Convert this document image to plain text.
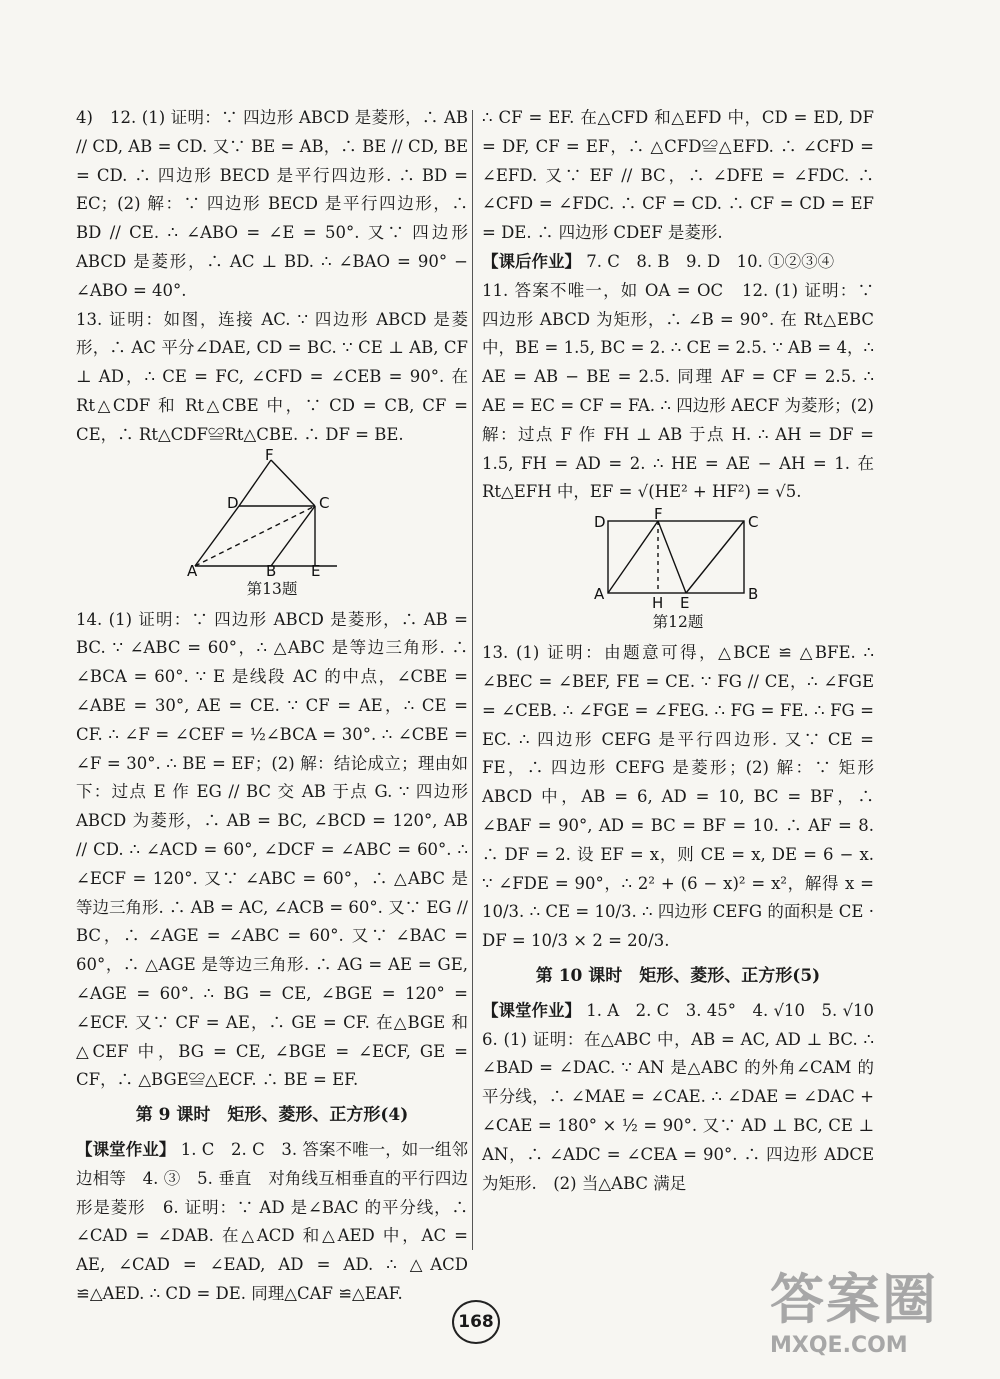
4)　12. (1) 证明：∵ 四边形 ABCD 是菱形，∴ AB // CD, AB = CD. 又∵ BE = AB，∴ BE // CD, BE = CD. ∴ 四边形 BECD 是平行四边形. ∴ BD = EC；(2) 解：∵ 四边形 BECD 是平行四边形，∴ BD // CE. ∴ ∠ABO = ∠E = 50°. 又∵ 四边形 ABCD 是菱形，∴ AC ⊥ BD. ∴ ∠BAO = 90° − ∠ABO = 40°.

13. 证明：如图，连接 AC. ∵ 四边形 ABCD 是菱形，∴ AC 平分∠DAE, CD = BC. ∵ CE ⊥ AB, CF ⊥ AD，∴ CE = FC, ∠CFD = ∠CEB = 90°. 在 Rt△CDF 和 Rt△CBE 中，∵ CD = CB, CF = CE，∴ Rt△CDF≌Rt△CBE. ∴ DF = BE.

F
D	C
A	B E
第13题

14. (1) 证明：∵ 四边形 ABCD 是菱形，∴ AB = BC. ∵ ∠ABC = 60°，∴ △ABC 是等边三角形. ∴ ∠BCA = 60°. ∵ E 是线段 AC 的中点，∠CBE = ∠ABE = 30°, AE = CE. ∵ CF = AE，∴ CE = CF. ∴ ∠F = ∠CEF = ½∠BCA = 30°. ∴ ∠CBE = ∠F = 30°. ∴ BE = EF；(2) 解：结论成立；理由如下：过点 E 作 EG // BC 交 AB 于点 G. ∵ 四边形 ABCD 为菱形，∴ AB = BC, ∠BCD = 120°, AB // CD. ∴ ∠ACD = 60°, ∠DCF = ∠ABC = 60°. ∴ ∠ECF = 120°. 又∵ ∠ABC = 60°，∴ △ABC 是等边三角形. ∴ AB = AC, ∠ACB = 60°. 又∵ EG // BC，∴ ∠AGE = ∠ABC = 60°. 又∵ ∠BAC = 60°，∴ △AGE 是等边三角形. ∴ AG = AE = GE, ∠AGE = 60°. ∴ BG = CE, ∠BGE = 120° = ∠ECF. 又∵ CF = AE，∴ GE = CF. 在△BGE 和△CEF 中，BG = CE, ∠BGE = ∠ECF, GE = CF，∴ △BGE≌△ECF. ∴ BE = EF.

第 9 课时　矩形、菱形、正方形(4)

【课堂作业】 1. C　2. C　3. 答案不唯一，如一组邻边相等　4. ③　5. 垂直　对角线互相垂直的平行四边形是菱形　6. 证明：∵ AD 是∠BAC 的平分线，∴ ∠CAD = ∠DAB. 在△ACD 和△AED 中，AC = AE, ∠CAD = ∠EAD, AD = AD. ∴ △ACD ≌△AED. ∴ CD = DE. 同理△CAF ≌△EAF.

∴ CF = EF. 在△CFD 和△EFD 中，CD = ED, DF = DF, CF = EF，∴ △CFD≌△EFD. ∴ ∠CFD = ∠EFD. 又∵ EF // BC，∴ ∠DFE = ∠FDC. ∴ ∠CFD = ∠FDC. ∴ CF = CD. ∴ CF = CD = EF = DE. ∴ 四边形 CDEF 是菱形.

【课后作业】 7. C　8. B　9. D　10. ①②③④

11. 答案不唯一，如 OA = OC　12. (1) 证明：∵ 四边形 ABCD 为矩形，∴ ∠B = 90°. 在 Rt△EBC 中，BE = 1.5, BC = 2. ∴ CE = 2.5. ∵ AB = 4，∴ AE = AB − BE = 2.5. 同理 AF = CF = 2.5. ∴ AE = EC = CF = FA. ∴ 四边形 AECF 为菱形；(2) 解：过点 F 作 FH ⊥ AB 于点 H. ∴ AH = DF = 1.5, FH = AD = 2. ∴ HE = AE − AH = 1. 在 Rt△EFH 中，EF = √(HE² + HF²) = √5.

D	F	C
A	H E	B
第12题

13. (1) 证明：由题意可得，△BCE ≌ △BFE. ∴ ∠BEC = ∠BEF, FE = CE. ∵ FG // CE，∴ ∠FGE = ∠CEB. ∴ ∠FGE = ∠FEG. ∴ FG = FE. ∴ FG = EC. ∴ 四边形 CEFG 是平行四边形. 又∵ CE = FE，∴ 四边形 CEFG 是菱形；(2) 解：∵ 矩形 ABCD 中，AB = 6, AD = 10, BC = BF，∴ ∠BAF = 90°, AD = BC = BF = 10. ∴ AF = 8. ∴ DF = 2. 设 EF = x，则 CE = x, DE = 6 − x. ∵ ∠FDE = 90°，∴ 2² + (6 − x)² = x²，解得 x = 10/3. ∴ CE = 10/3. ∴ 四边形 CEFG 的面积是 CE · DF = 10/3 × 2 = 20/3.

第 10 课时　矩形、菱形、正方形(5)

【课堂作业】 1. A　2. C　3. 45°　4. √10　5. √10　6. (1) 证明：在△ABC 中，AB = AC, AD ⊥ BC. ∴ ∠BAD = ∠DAC. ∵ AN 是△ABC 的外角∠CAM 的平分线，∴ ∠MAE = ∠CAE. ∴ ∠DAE = ∠DAC + ∠CAE = 180° × ½ = 90°. 又∵ AD ⊥ BC, CE ⊥ AN，∴ ∠ADC = ∠CEA = 90°. ∴ 四边形 ADCE 为矩形.　(2) 当△ABC 满足

168	答案圈
MXQE.COM
